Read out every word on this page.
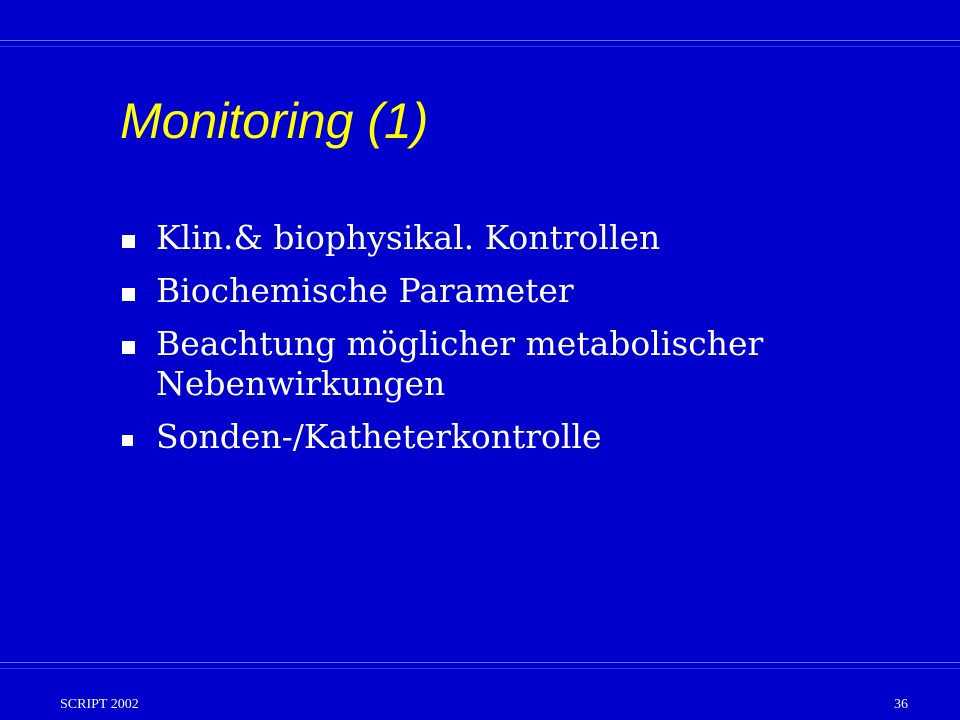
Monitoring (1)
Klin.& biophysikal. Kontrollen
Biochemische Parameter
Beachtung möglicher metabolischer
Nebenwirkungen
Sonden-/Katheterkontrolle
SCRIPT 2002	36
